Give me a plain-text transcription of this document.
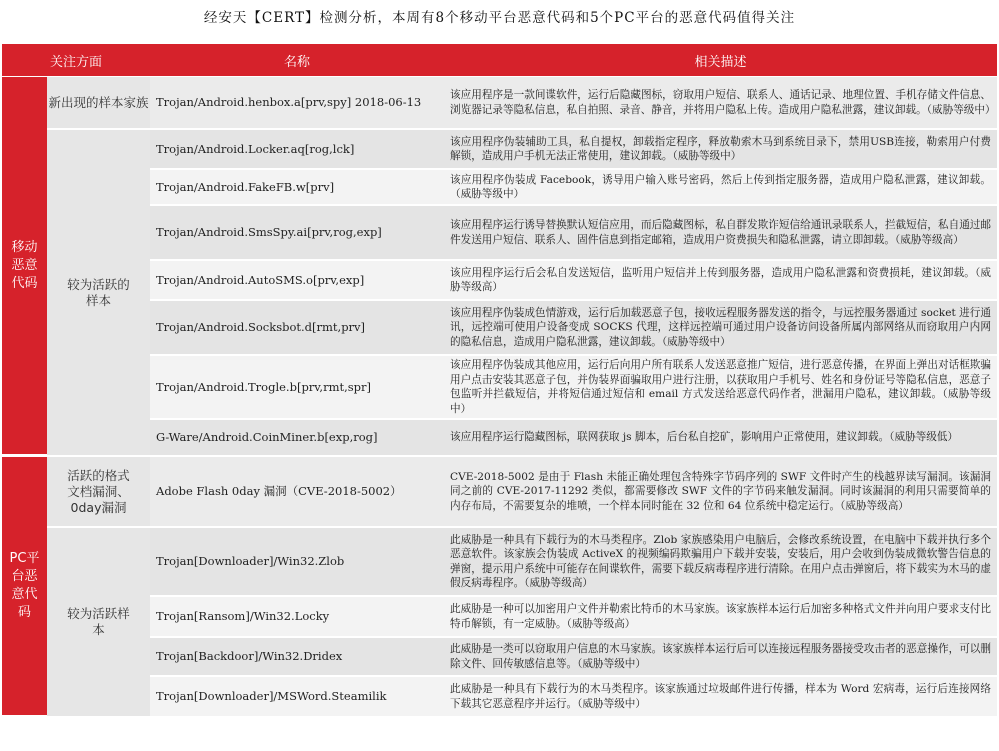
经安天【CERT】检测分析，本周有8个移动平台恶意代码和5个PC平台的恶意代码值得关注
关注方面		名称	相关描述
移动恶意代码	新出现的样本家族	Trojan/Android.henbox.a[prv,spy] 2018-06-13	该应用程序是一款间谍软件，运行后隐藏图标，窃取用户短信、联系人、通话记录、地理位置、手机存储文件信息、浏览器记录等隐私信息，私自拍照、录音、静音，并将用户隐私上传。造成用户隐私泄露，建议卸载。（威胁等级中）

	较为活跃的样本	Trojan/Android.Locker.aq[rog,lck]	该应用程序伪装辅助工具，私自提权，卸载指定程序，释放勒索木马到系统目录下，禁用USB连接，勒索用户付费解锁，造成用户手机无法正常使用，建议卸载。（威胁等级中）
		Trojan/Android.FakeFB.w[prv]	该应用程序伪装成 Facebook，诱导用户输入账号密码，然后上传到指定服务器，造成用户隐私泄露，建议卸载。（威胁等级中）
		Trojan/Android.SmsSpy.ai[prv,rog,exp]	该应用程序运行诱导替换默认短信应用，而后隐藏图标，私自群发欺诈短信给通讯录联系人，拦截短信，私自通过邮件发送用户短信、联系人、固件信息到指定邮箱，造成用户资费损失和隐私泄露，请立即卸载。（威胁等级高）
		Trojan/Android.AutoSMS.o[prv,exp]	该应用程序运行后会私自发送短信，监听用户短信并上传到服务器，造成用户隐私泄露和资费损耗，建议卸载。（威胁等级高）
		Trojan/Android.Socksbot.d[rmt,prv]	该应用程序伪装成色情游戏，运行后加载恶意子包，接收远程服务器发送的指令，与远控服务器通过 socket 进行通讯，远控端可使用户设备变成 SOCKS 代理，这样远控端可通过用户设备访问设备所属内部网络从而窃取用户内网的隐私信息，造成用户隐私泄露，建议卸载。（威胁等级中）
		Trojan/Android.Trogle.b[prv,rmt,spr]	该应用程序伪装成其他应用，运行后向用户所有联系人发送恶意推广短信，进行恶意传播，在界面上弹出对话框欺骗用户点击安装其恶意子包，并伪装界面骗取用户进行注册，以获取用户手机号、姓名和身份证号等隐私信息，恶意子包监听并拦截短信，并将短信通过短信和 email 方式发送给恶意代码作者，泄漏用户隐私，建议卸载。（威胁等级中）
		G-Ware/Android.CoinMiner.b[exp,rog]	该应用程序运行隐藏图标，联网获取 js 脚本，后台私自挖矿，影响用户正常使用，建议卸载。（威胁等级低）
PC平台恶意代码	活跃的格式文档漏洞、0day漏洞	Adobe Flash 0day 漏洞（CVE-2018-5002）	CVE-2018-5002 是由于 Flash 未能正确处理包含特殊字节码序列的 SWF 文件时产生的栈越界读写漏洞。该漏洞同之前的 CVE-2017-11292 类似，都需要修改 SWF 文件的字节码来触发漏洞。同时该漏洞的利用只需要简单的内存布局，不需要复杂的堆喷，一个样本同时能在 32 位和 64 位系统中稳定运行。（威胁等级高）

	较为活跃样本	Trojan[Downloader]/Win32.Zlob	此威胁是一种具有下载行为的木马类程序。Zlob 家族感染用户电脑后，会修改系统设置，在电脑中下载并执行多个恶意软件。该家族会伪装成 ActiveX 的视频编码欺骗用户下载并安装，安装后，用户会收到伪装成微软警告信息的弹窗，提示用户系统中可能存在间谍软件，需要下载反病毒程序进行清除。在用户点击弹窗后，将下载实为木马的虚假反病毒程序。（威胁等级高）
		Trojan[Ransom]/Win32.Locky	此威胁是一种可以加密用户文件并勒索比特币的木马家族。该家族样本运行后加密多种格式文件并向用户要求支付比特币解锁，有一定威胁。（威胁等级高）
		Trojan[Backdoor]/Win32.Dridex	此威胁是一类可以窃取用户信息的木马家族。该家族样本运行后可以连接远程服务器接受攻击者的恶意操作，可以删除文件、回传敏感信息等。（威胁等级中）
		Trojan[Downloader]/MSWord.Steamilik	此威胁是一种具有下载行为的木马类程序。该家族通过垃圾邮件进行传播，样本为 Word 宏病毒，运行后连接网络下载其它恶意程序并运行。（威胁等级中）
